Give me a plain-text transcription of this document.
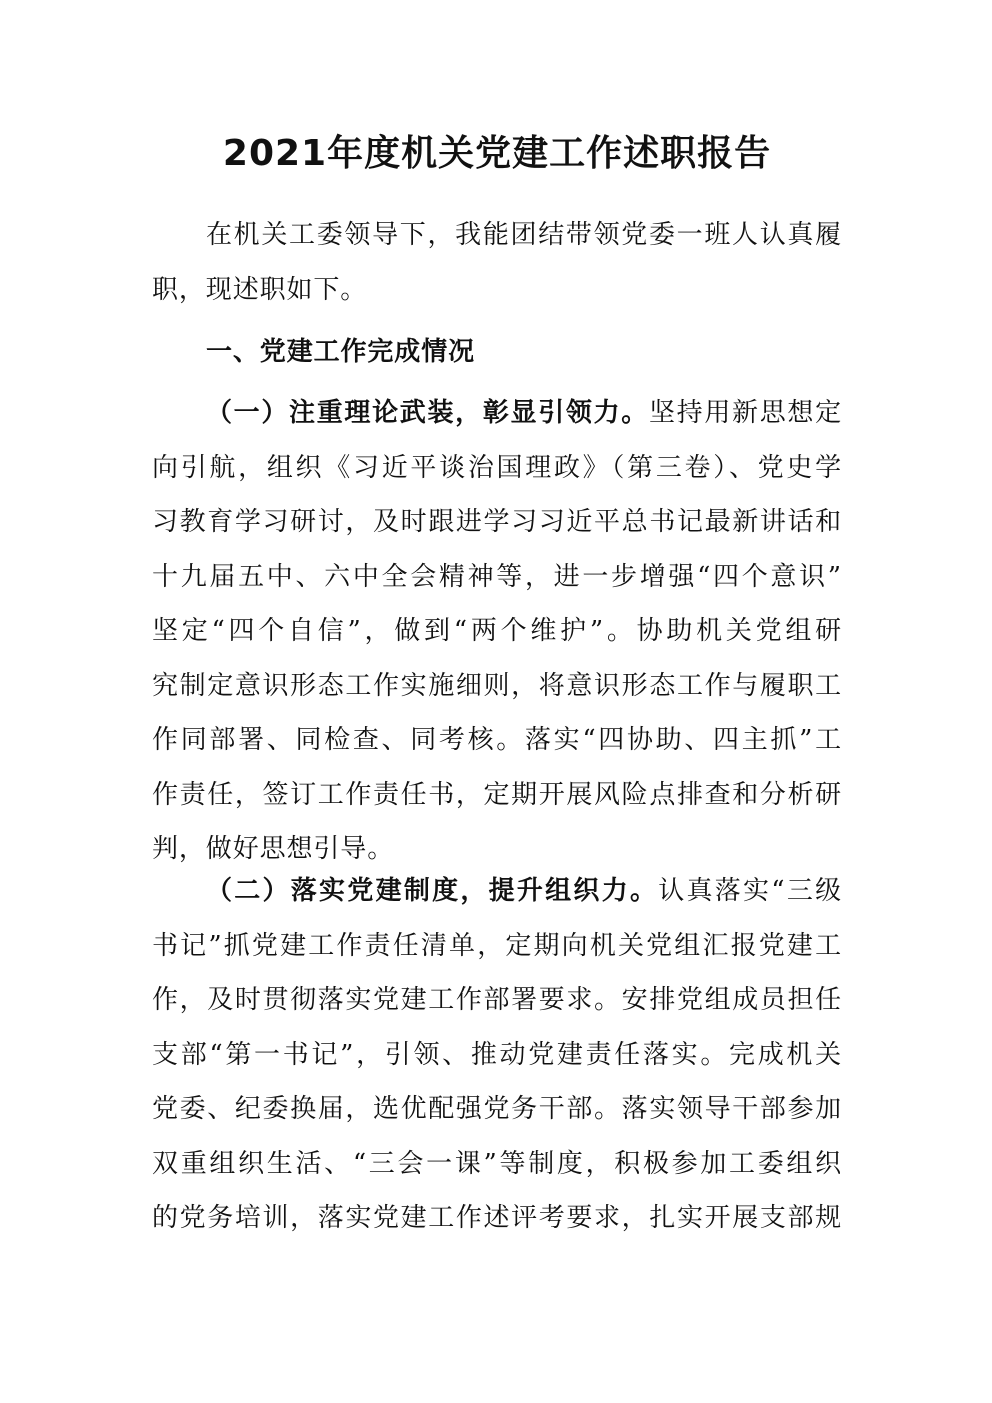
2021年度机关党建工作述职报告
在机关工委领导下，我能团结带领党委一班人认真履
职，现述职如下。
一、党建工作完成情况
（一）注重理论武装，彰显引领力。坚持用新思想定
向引航，组织《习近平谈治国理政》（第三卷）、党史学
习教育学习研讨，及时跟进学习习近平总书记最新讲话和
十九届五中、六中全会精神等，进一步增强“四个意识”
坚定“四个自信”，做到“两个维护”。协助机关党组研
究制定意识形态工作实施细则，将意识形态工作与履职工
作同部署、同检查、同考核。落实“四协助、四主抓”工
作责任，签订工作责任书，定期开展风险点排查和分析研
判，做好思想引导。
（二）落实党建制度，提升组织力。认真落实“三级
书记”抓党建工作责任清单，定期向机关党组汇报党建工
作，及时贯彻落实党建工作部署要求。安排党组成员担任
支部“第一书记”，引领、推动党建责任落实。完成机关
党委、纪委换届，选优配强党务干部。落实领导干部参加
双重组织生活、“三会一课”等制度，积极参加工委组织
的党务培训，落实党建工作述评考要求，扎实开展支部规
